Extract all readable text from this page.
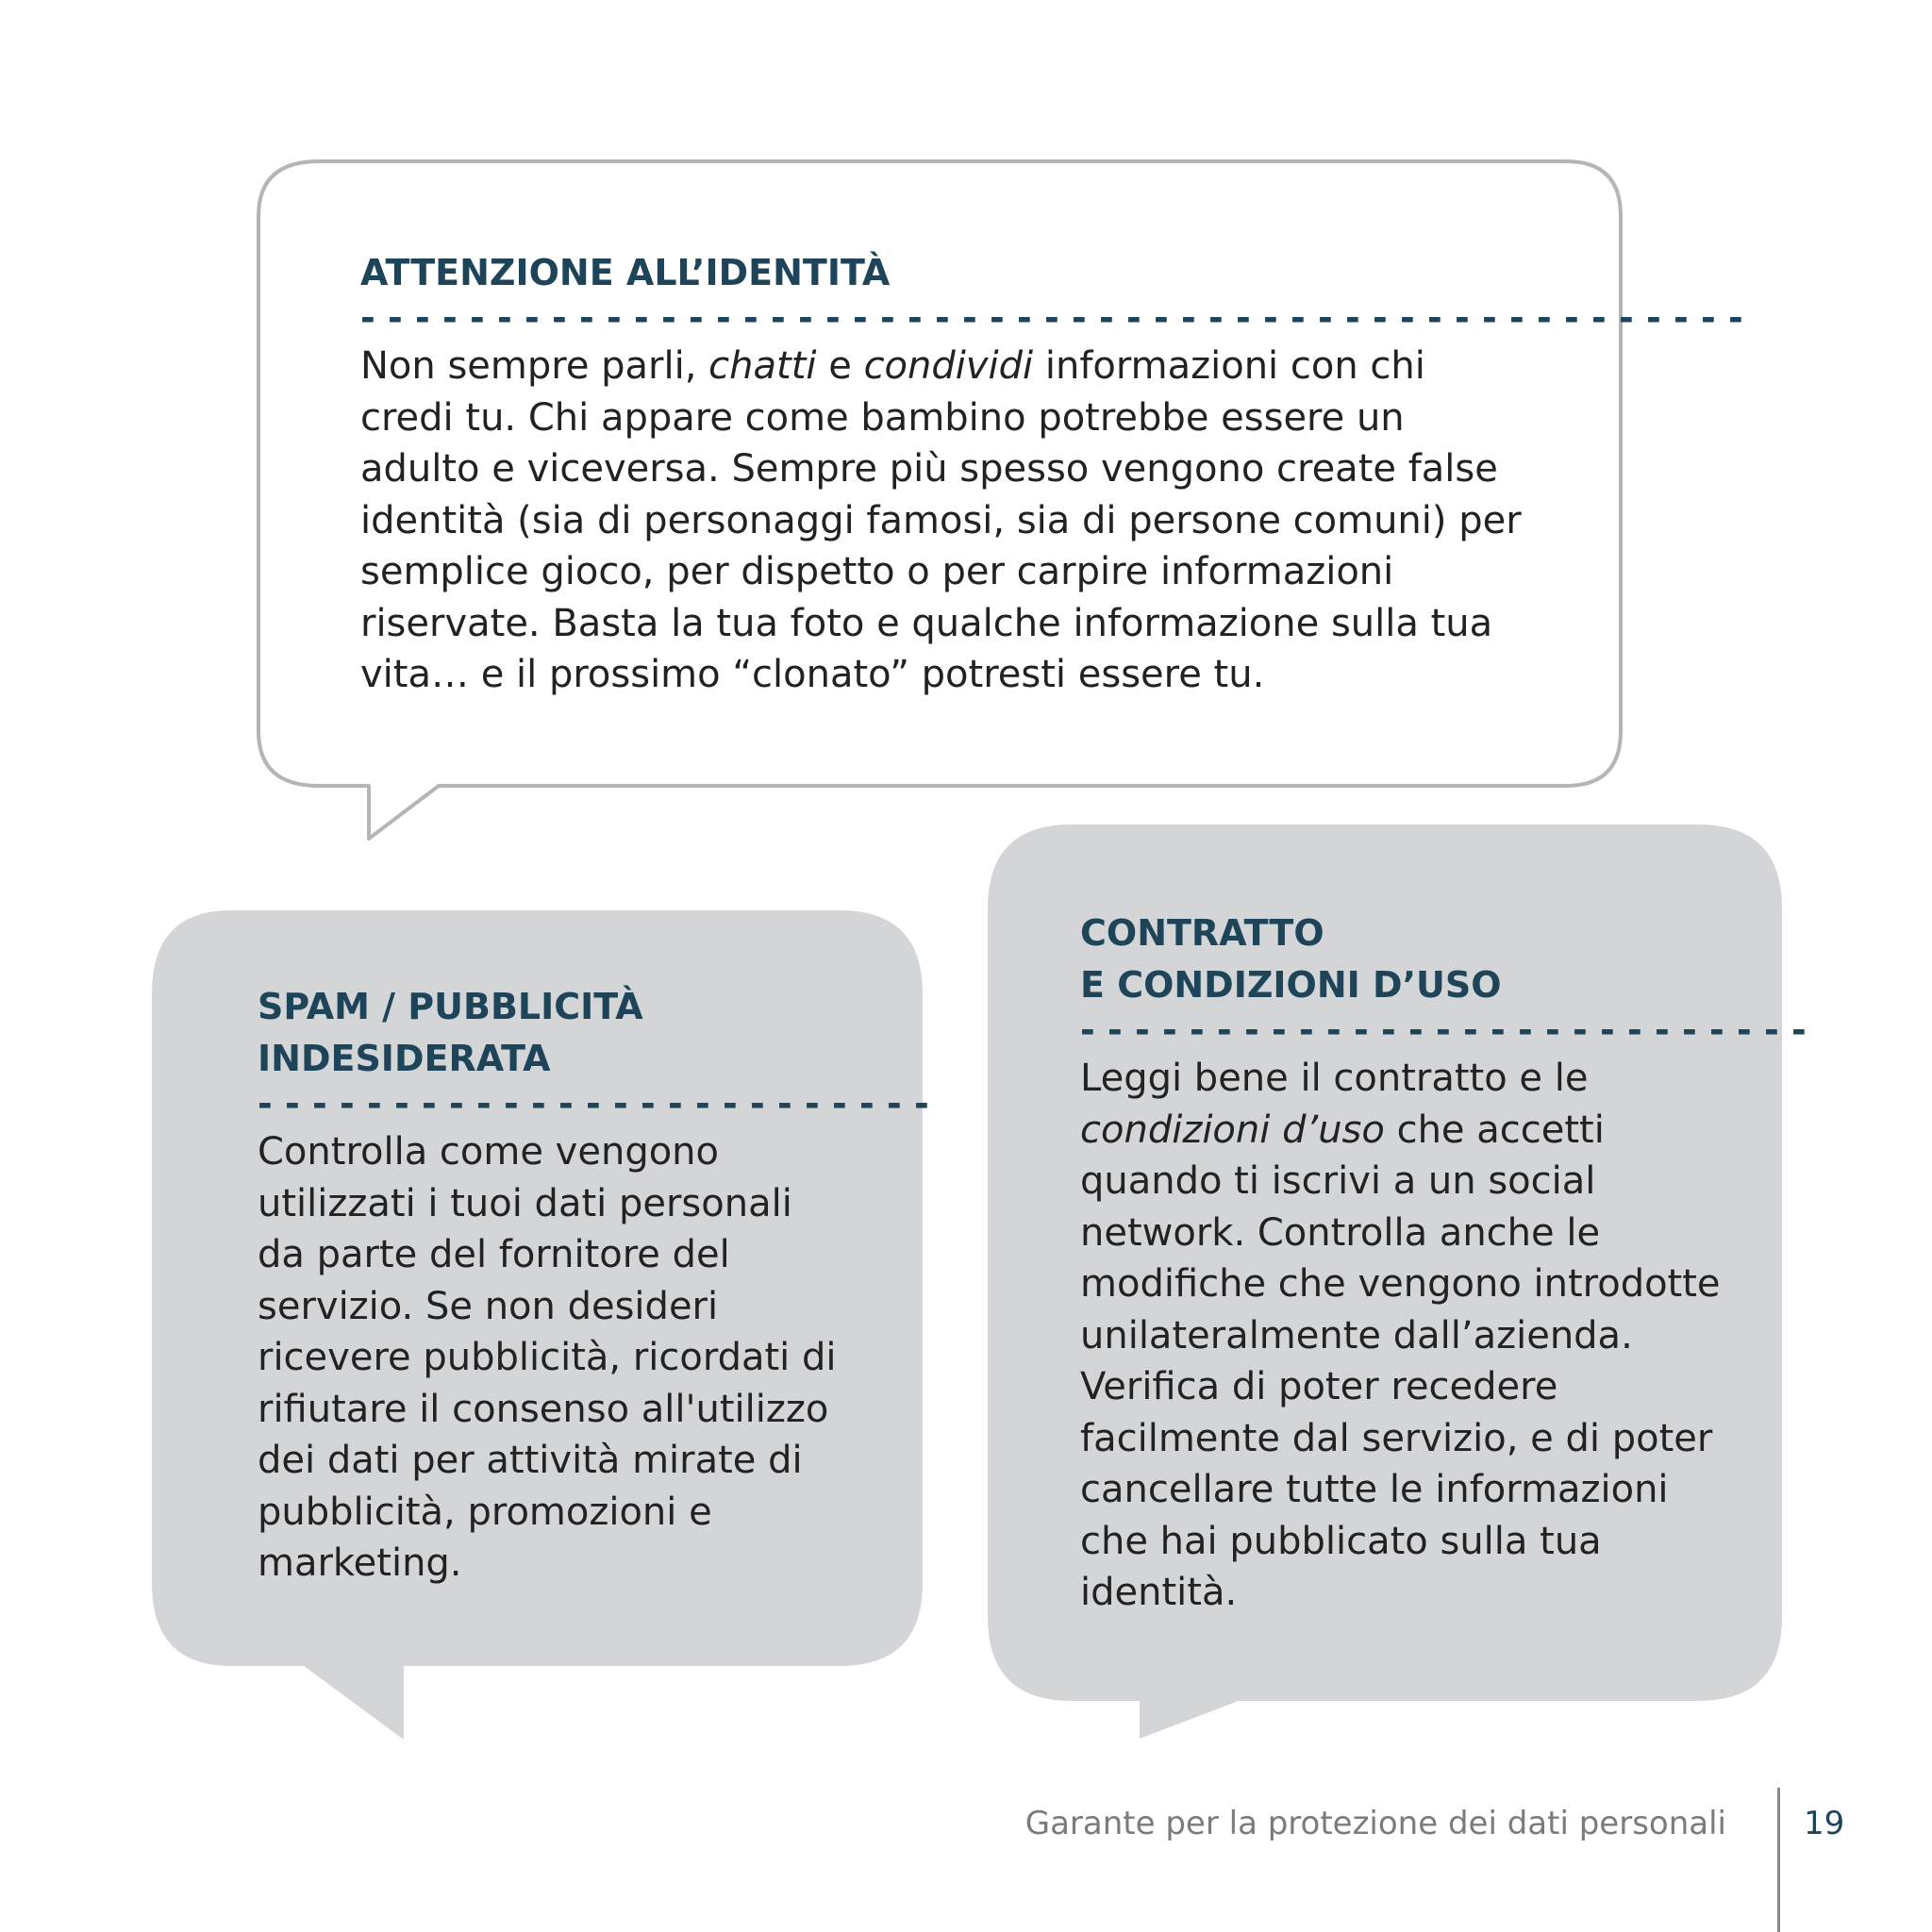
ATTENZIONE ALL’IDENTITÀ
- - - - - - - - - - - - - - - - - - - - - - - - - - - - - - - - - - - - - - - - - - - - - - - - - - -
Non sempre parli, chatti e condividi informazioni con chi credi tu. Chi appare come bambino potrebbe essere un adulto e viceversa. Sempre più spesso vengono create false identità (sia di personaggi famosi, sia di persone comuni) per semplice gioco, per dispetto o per carpire informazioni riservate. Basta la tua foto e qualche informazione sulla tua vita… e il prossimo “clonato” potresti essere tu.
SPAM / PUBBLICITÀ
INDESIDERATA
- - - - - - - - - - - - - - - - - - - - - - - - -
Controlla come vengono utilizzati i tuoi dati personali da parte del fornitore del servizio. Se non desideri ricevere pubblicità, ricordati di rifiutare il consenso all'utilizzo dei dati per attività mirate di pubblicità, promozioni e marketing.
CONTRATTO
E CONDIZIONI D’USO
- - - - - - - - - - - - - - - - - - - - - - - - - - -
Leggi bene il contratto e le condizioni d’uso che accetti quando ti iscrivi a un social network. Controlla anche le modifiche che vengono introdotte unilateralmente dall’azienda. Verifica di poter recedere facilmente dal servizio, e di poter cancellare tutte le informazioni che hai pubblicato sulla tua identità.
Garante per la protezione dei dati personali 19
